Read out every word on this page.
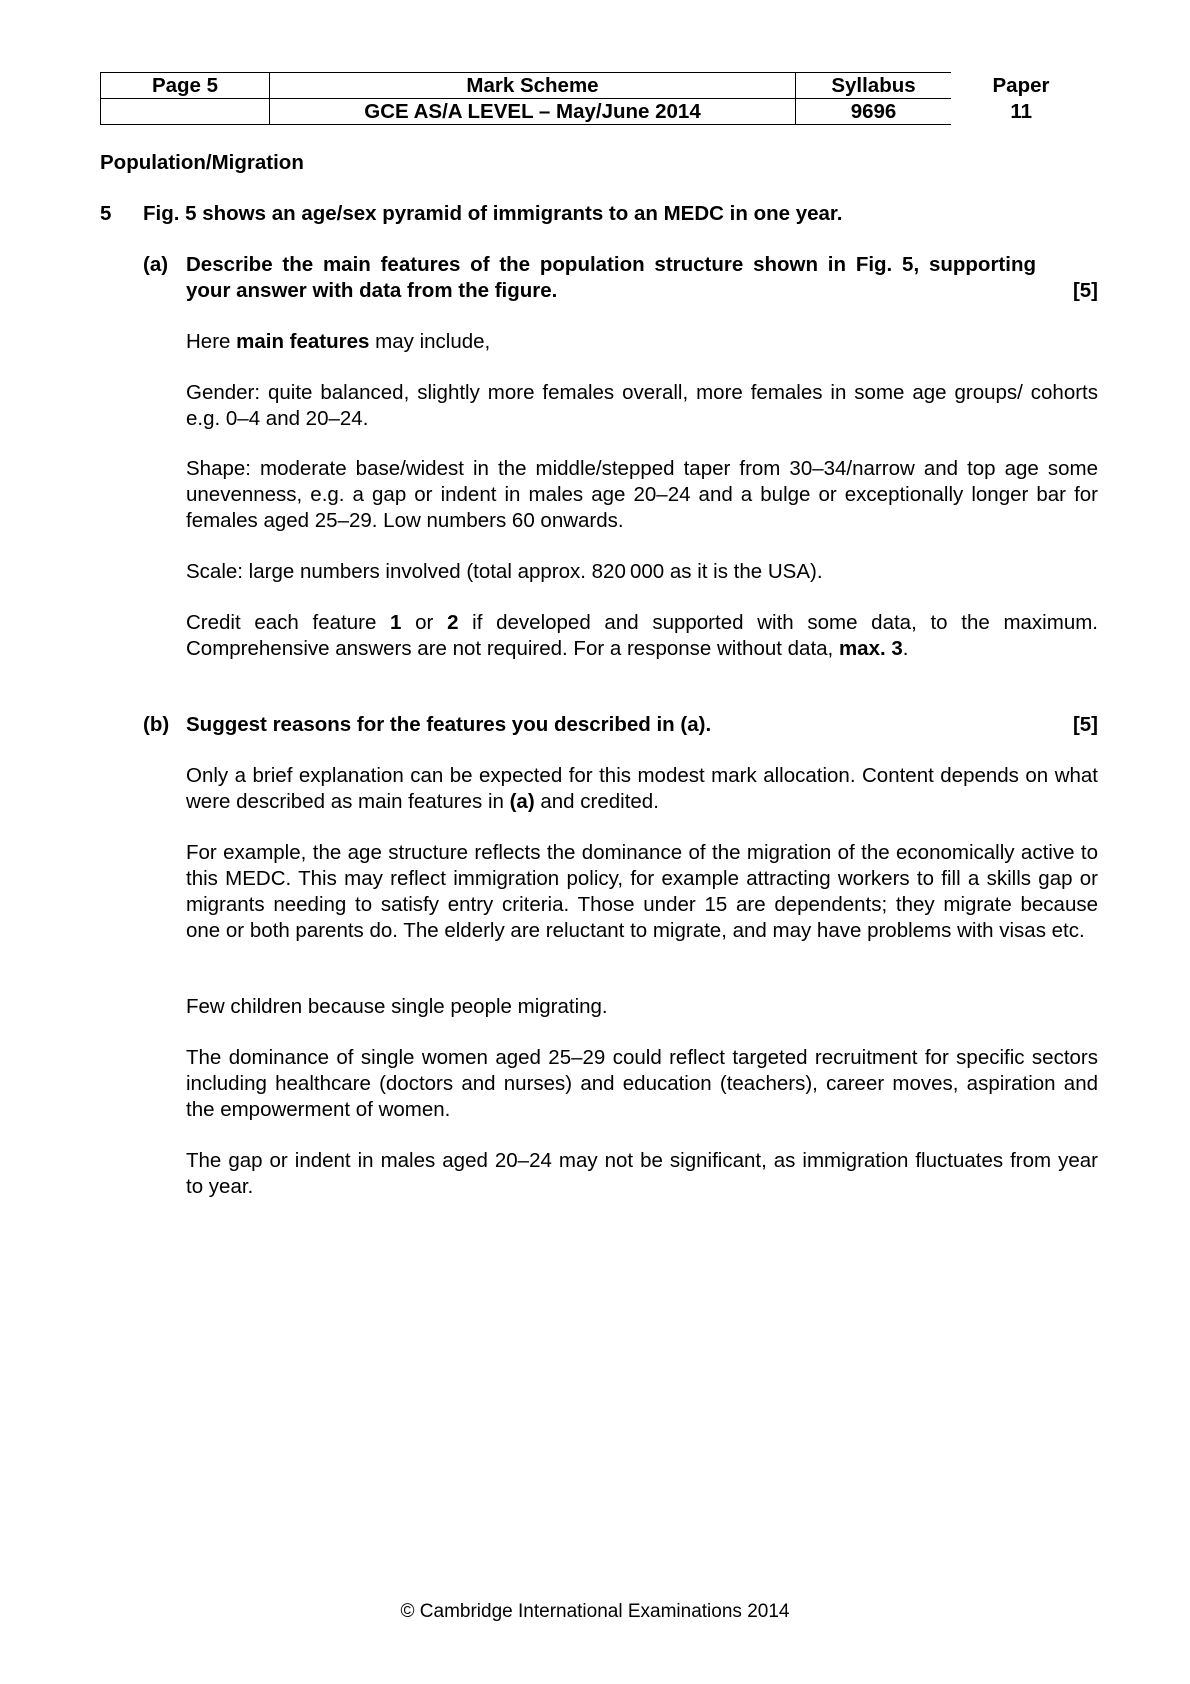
Page 5	Mark Scheme	Syllabus	Paper
	GCE AS/A LEVEL – May/June 2014	9696	11
Population/Migration
5 Fig. 5 shows an age/sex pyramid of immigrants to an MEDC in one year.
(a) Describe the main features of the population structure shown in Fig. 5, supporting your answer with data from the figure.	[5]
Here main features may include,
Gender: quite balanced, slightly more females overall, more females in some age groups/ cohorts e.g. 0–4 and 20–24.
Shape: moderate base/widest in the middle/stepped taper from 30–34/narrow and top age some unevenness, e.g. a gap or indent in males age 20–24 and a bulge or exceptionally longer bar for females aged 25–29. Low numbers 60 onwards.
Scale: large numbers involved (total approx. 820 000 as it is the USA).
Credit each feature 1 or 2 if developed and supported with some data, to the maximum. Comprehensive answers are not required. For a response without data, max. 3.
(b) Suggest reasons for the features you described in (a).	[5]
Only a brief explanation can be expected for this modest mark allocation. Content depends on what were described as main features in (a) and credited.
For example, the age structure reflects the dominance of the migration of the economically active to this MEDC. This may reflect immigration policy, for example attracting workers to fill a skills gap or migrants needing to satisfy entry criteria. Those under 15 are dependents; they migrate because one or both parents do. The elderly are reluctant to migrate, and may have problems with visas etc.
Few children because single people migrating.
The dominance of single women aged 25–29 could reflect targeted recruitment for specific sectors including healthcare (doctors and nurses) and education (teachers), career moves, aspiration and the empowerment of women.
The gap or indent in males aged 20–24 may not be significant, as immigration fluctuates from year to year.
© Cambridge International Examinations 2014
